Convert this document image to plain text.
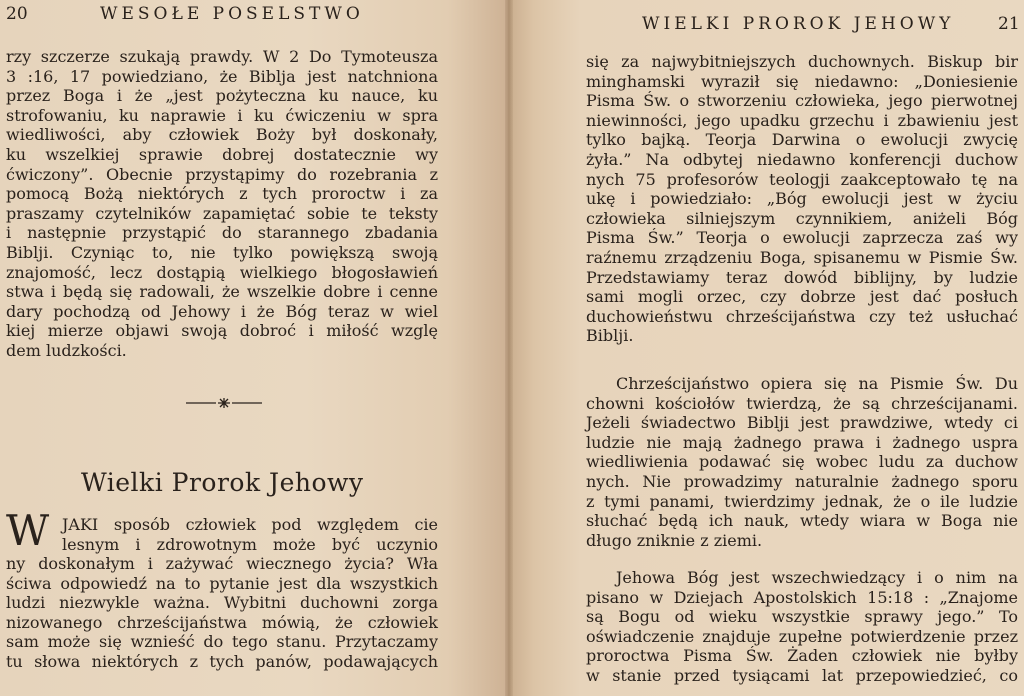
20	WESOŁE POSELSTWO
rzy szczerze szukają prawdy. W 2 Do Tymoteusza
3 :16, 17 powiedziano, że Biblja jest natchniona
przez Boga i że „jest pożyteczna ku nauce, ku
strofowaniu, ku naprawie i ku ćwiczeniu w spra
wiedliwości, aby człowiek Boży był doskonały,
ku wszelkiej sprawie dobrej dostatecznie wy
ćwiczony”. Obecnie przystąpimy do rozebrania z
pomocą Bożą niektórych z tych proroctw i za
praszamy czytelników zapamiętać sobie te teksty
i następnie przystąpić do starannego zbadania
Biblji. Czyniąc to, nie tylko powiększą swoją
znajomość, lecz dostąpią wielkiego błogosławień
stwa i będą się radowali, że wszelkie dobre i cenne
dary pochodzą od Jehowy i że Bóg teraz w wiel
kiej mierze objawi swoją dobroć i miłość wzglę
dem ludzkości.
Wielki Prorok Jehowy
W JAKI sposób człowiek pod względem cie
lesnym i zdrowotnym może być uczynio
ny doskonałym i zażywać wiecznego życia? Wła
ściwa odpowiedź na to pytanie jest dla wszystkich
ludzi niezwykle ważna. Wybitni duchowni zorga
nizowanego chrześcijaństwa mówią, że człowiek
sam może się wznieść do tego stanu. Przytaczamy
tu słowa niektórych z tych panów, podawających
WIELKI PROROK JEHOWY	21
się za najwybitniejszych duchownych. Biskup bir
minghamski wyraził się niedawno: „Doniesienie
Pisma Św. o stworzeniu człowieka, jego pierwotnej
niewinności, jego upadku grzechu i zbawieniu jest
tylko bajką. Teorja Darwina o ewolucji zwycię
żyła.” Na odbytej niedawno konferencji duchow
nych 75 profesorów teologji zaakceptowało tę na
ukę i powiedziało: „Bóg ewolucji jest w życiu
człowieka silniejszym czynnikiem, aniżeli Bóg
Pisma Św.” Teorja o ewolucji zaprzecza zaś wy
raźnemu zrządzeniu Boga, spisanemu w Pismie Św.
Przedstawiamy teraz dowód biblijny, by ludzie
sami mogli orzec, czy dobrze jest dać posłuch
duchowieństwu chrześcijaństwa czy też usłuchać
Biblji.
Chrześcijaństwo opiera się na Pismie Św. Du
chowni kościołów twierdzą, że są chrześcijanami.
Jeżeli świadectwo Biblji jest prawdziwe, wtedy ci
ludzie nie mają żadnego prawa i żadnego uspra
wiedliwienia podawać się wobec ludu za duchow
nych. Nie prowadzimy naturalnie żadnego sporu
z tymi panami, twierdzimy jednak, że o ile ludzie
słuchać będą ich nauk, wtedy wiara w Boga nie
długo zniknie z ziemi.
Jehowa Bóg jest wszechwiedzący i o nim na
pisano w Dziejach Apostolskich 15:18 : „Znajome
są Bogu od wieku wszystkie sprawy jego.” To
oświadczenie znajduje zupełne potwierdzenie przez
proroctwa Pisma Św. Żaden człowiek nie byłby
w stanie przed tysiącami lat przepowiedzieć, co
